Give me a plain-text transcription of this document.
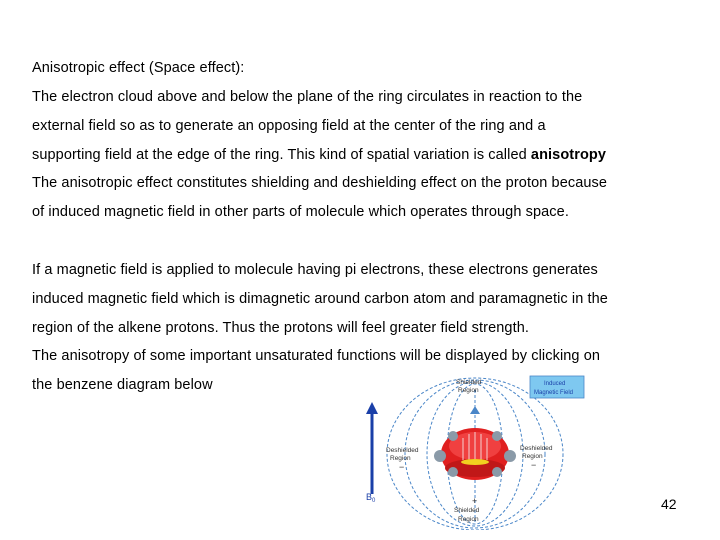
Anisotropic effect (Space effect):
The electron cloud above and below the plane of the ring circulates in reaction to the
external field so as to generate an opposing field at the center of the ring and a
supporting field at the edge of the ring. This kind of spatial variation is called anisotropy
The anisotropic effect constitutes shielding and deshielding effect on the proton because
of induced magnetic field in other parts of molecule which operates through space.
If a magnetic field is applied to molecule having pi electrons, these electrons generates
induced magnetic field which is dimagnetic around carbon atom and paramagnetic in the
region of the alkene protons. Thus the protons will feel greater field strength.
The anisotropy of some important unsaturated functions will be displayed by clicking on
the benzene diagram below
$B_0$
Shielded
Region
Deshielded
Region
Deshielded
Region
Shielded
Region
+
−	−
Induced
Magnetic Field
42
